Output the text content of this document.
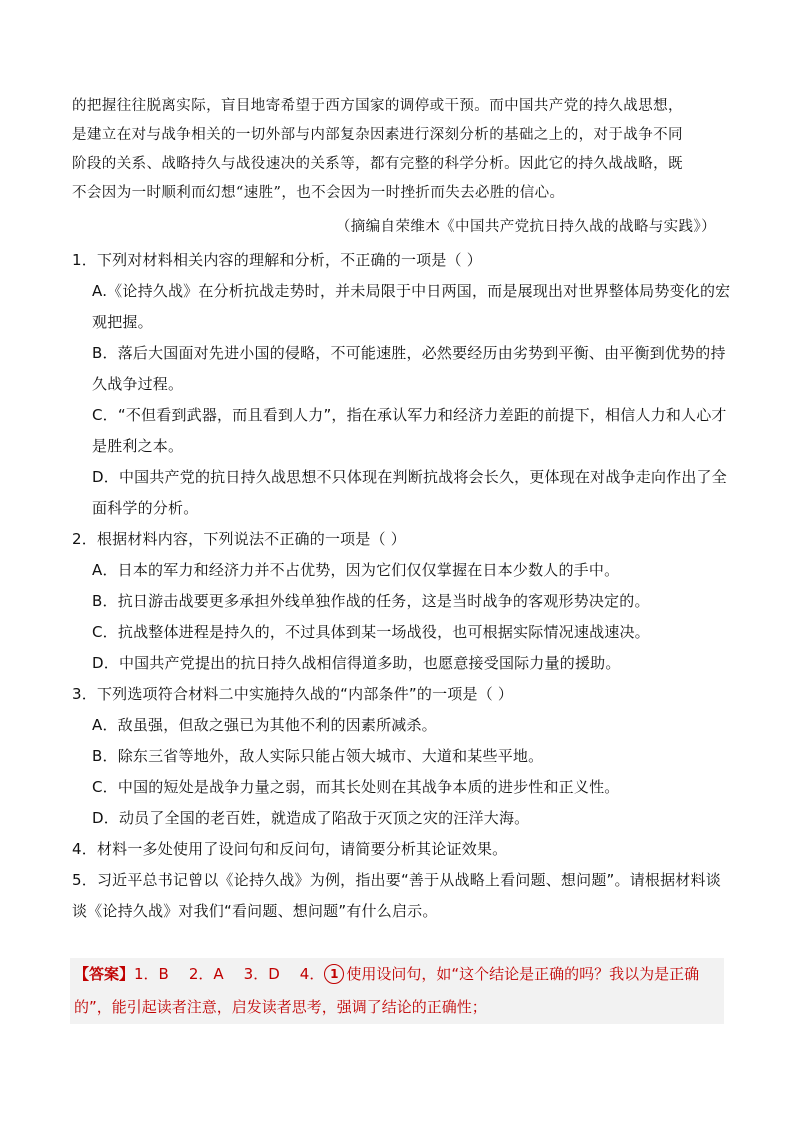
的把握往往脱离实际，盲目地寄希望于西方国家的调停或干预。而中国共产党的持久战思想，

是建立在对与战争相关的一切外部与内部复杂因素进行深刻分析的基础之上的，对于战争不同

阶段的关系、战略持久与战役速决的关系等，都有完整的科学分析。因此它的持久战战略，既

不会因为一时顺利而幻想“速胜”，也不会因为一时挫折而失去必胜的信心。

（摘编自荣维木《中国共产党抗日持久战的战略与实践》）
1．下列对材料相关内容的理解和分析，不正确的一项是（ ）
A.《论持久战》在分析抗战走势时，并未局限于中日两国，而是展现出对世界整体局势变化的宏观把握。
B．落后大国面对先进小国的侵略，不可能速胜，必然要经历由劣势到平衡、由平衡到优势的持久战争过程。
C．“不但看到武器，而且看到人力”，指在承认军力和经济力差距的前提下，相信人力和人心才是胜利之本。
D．中国共产党的抗日持久战思想不只体现在判断抗战将会长久，更体现在对战争走向作出了全面科学的分析。
2．根据材料内容，下列说法不正确的一项是（ ）
A．日本的军力和经济力并不占优势，因为它们仅仅掌握在日本少数人的手中。
B．抗日游击战要更多承担外线单独作战的任务，这是当时战争的客观形势决定的。
C．抗战整体进程是持久的，不过具体到某一场战役，也可根据实际情况速战速决。
D．中国共产党提出的抗日持久战相信得道多助，也愿意接受国际力量的援助。
3．下列选项符合材料二中实施持久战的“内部条件”的一项是（ ）
A．敌虽强，但敌之强已为其他不利的因素所减杀。
B．除东三省等地外，敌人实际只能占领大城市、大道和某些平地。
C．中国的短处是战争力量之弱，而其长处则在其战争本质的进步性和正义性。
D．动员了全国的老百姓，就造成了陷敌于灭顶之灾的汪洋大海。
4．材料一多处使用了设问句和反问句，请简要分析其论证效果。
5．习近平总书记曾以《论持久战》为例，指出要“善于从战略上看问题、想问题”。请根据材料谈谈《论持久战》对我们“看问题、想问题”有什么启示。
【答案】1．B 2．A 3．D 4． 1 使用设问句，如“这个结论是正确的吗？我以为是正确的”，能引起读者注意，启发读者思考，强调了结论的正确性；
